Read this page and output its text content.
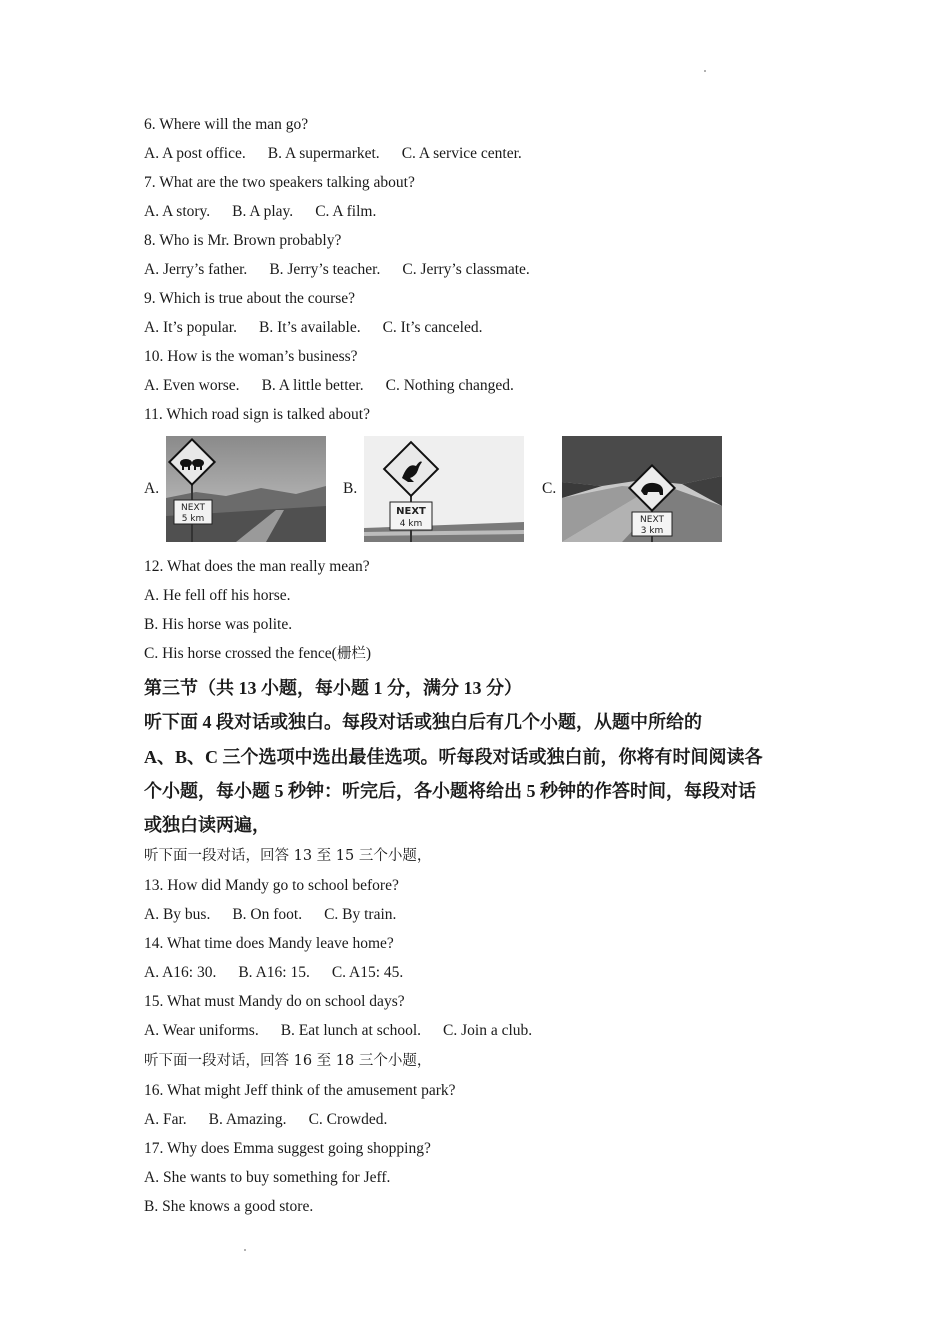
6. Where will the man go?
A. A post office. B. A supermarket. C. A service center.
7. What are the two speakers talking about?
A. A story. B. A play. C. A film.
8. Who is Mr. Brown probably?
A. Jerry’s father. B. Jerry’s teacher. C. Jerry’s classmate.
9. Which is true about the course?
A. It’s popular. B. It’s available. C. It’s canceled.
10. How is the woman’s business?
A. Even worse. B. A little better. C. Nothing changed.
11. Which road sign is talked about?
A.
NEXT
5 km
B.
NEXT
4 km
C.
NEXT
3 km
12. What does the man really mean?
A. He fell off his horse.
B. His horse was polite.
C. His horse crossed the fence(栅栏)
第三节（共 13 小题，每小题 1 分，满分 13 分）
听下面 4 段对话或独白。每段对话或独白后有几个小题，从题中所给的
A、B、C 三个选项中选出最佳选项。听每段对话或独白前，你将有时间阅读各
个小题，每小题 5 秒钟：听完后，各小题将给出 5 秒钟的作答时间，每段对话
或独白读两遍，
听下面一段对话，回答 13 至 15 三个小题，
13. How did Mandy go to school before?
A. By bus. B. On foot. C. By train.
14. What time does Mandy leave home?
A. A16: 30. B. A16: 15. C. A15: 45.
15. What must Mandy do on school days?
A. Wear uniforms. B. Eat lunch at school. C. Join a club.
听下面一段对话，回答 16 至 18 三个小题，
16. What might Jeff think of the amusement park?
A. Far. B. Amazing. C. Crowded.
17. Why does Emma suggest going shopping?
A. She wants to buy something for Jeff.
B. She knows a good store.
